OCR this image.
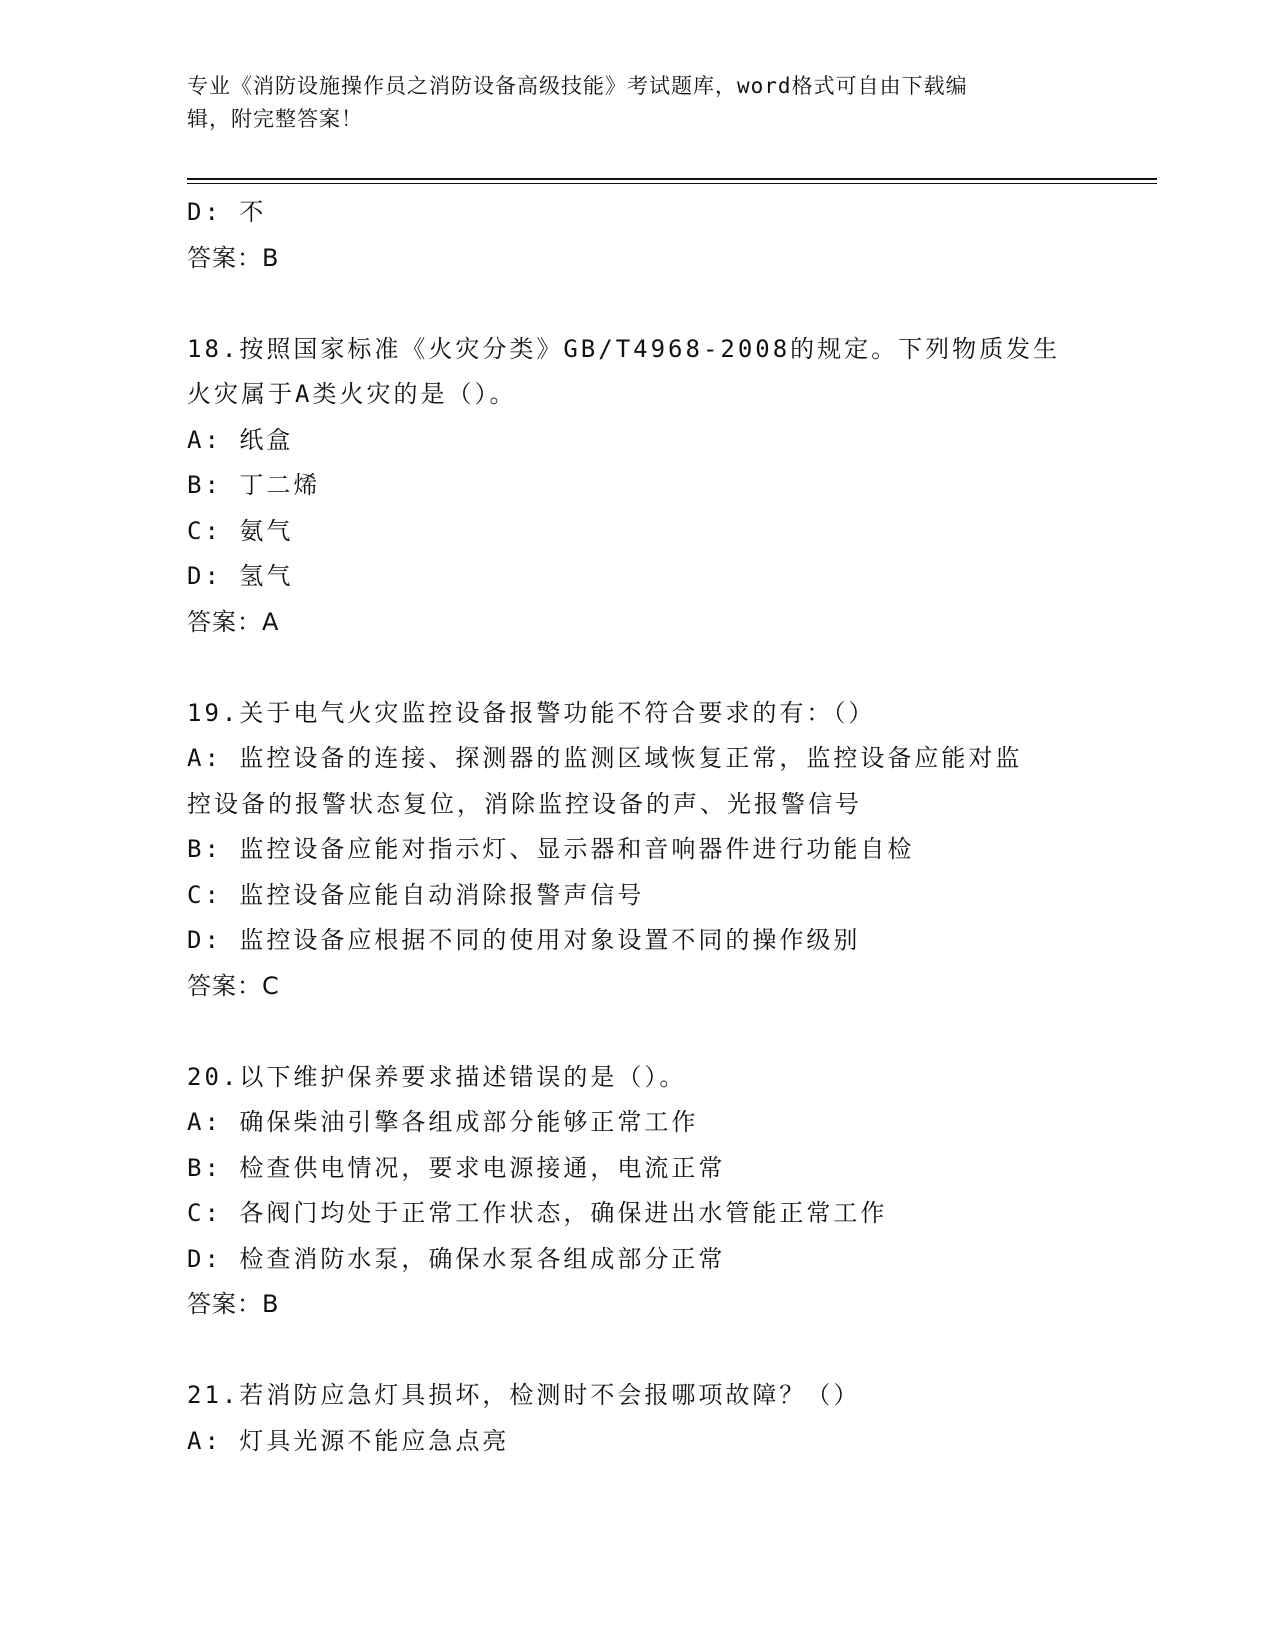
专业《消防设施操作员之消防设备高级技能》考试题库，word格式可自由下载编
辑，附完整答案！
D: 不
答案：B
18.按照国家标准《火灾分类》GB/T4968-2008的规定。下列物质发生
火灾属于A类火灾的是（）。
A: 纸盒
B: 丁二烯
C: 氨气
D: 氢气
答案：A
19.关于电气火灾监控设备报警功能不符合要求的有：（）
A: 监控设备的连接、探测器的监测区域恢复正常，监控设备应能对监
控设备的报警状态复位，消除监控设备的声、光报警信号
B: 监控设备应能对指示灯、显示器和音响器件进行功能自检
C: 监控设备应能自动消除报警声信号
D: 监控设备应根据不同的使用对象设置不同的操作级别
答案：C
20.以下维护保养要求描述错误的是（）。
A: 确保柴油引擎各组成部分能够正常工作
B: 检查供电情况，要求电源接通，电流正常
C: 各阀门均处于正常工作状态，确保进出水管能正常工作
D: 检查消防水泵，确保水泵各组成部分正常
答案：B
21.若消防应急灯具损坏，检测时不会报哪项故障？（）
A: 灯具光源不能应急点亮
